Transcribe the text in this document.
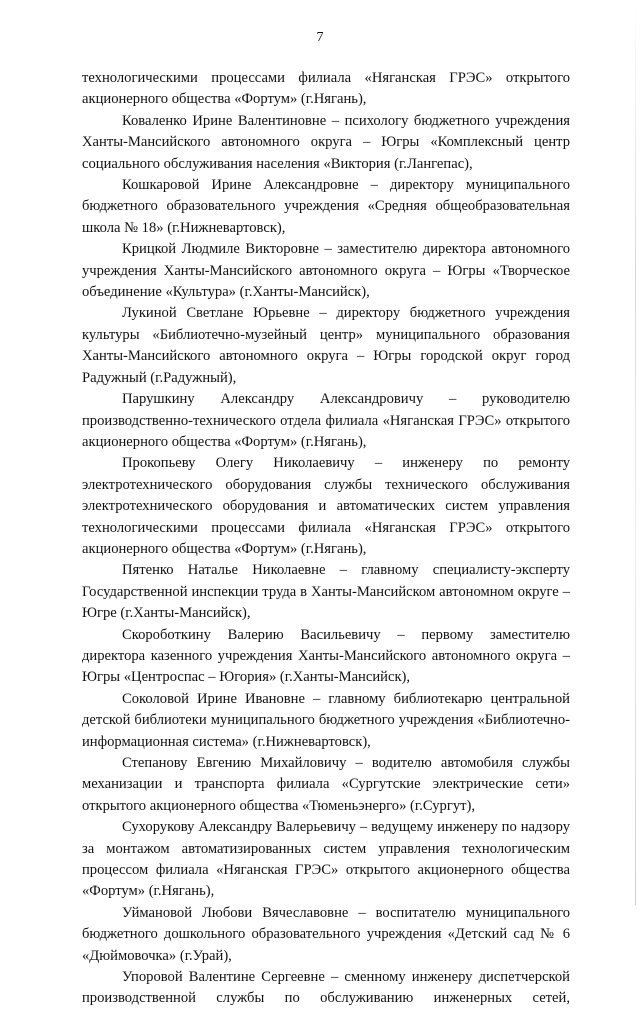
7

технологическими процессами филиала «Няганская ГРЭС» открытого акционерного общества «Фортум» (г.Нягань),

Коваленко Ирине Валентиновне – психологу бюджетного учреждения Ханты-Мансийского автономного округа – Югры «Комплексный центр социального обслуживания населения «Виктория (г.Лангепас),

Кошкаровой Ирине Александровне – директору муниципального бюджетного образовательного учреждения «Средняя общеобразовательная школа № 18» (г.Нижневартовск),

Крицкой Людмиле Викторовне – заместителю директора автономного учреждения Ханты-Мансийского автономного округа – Югры «Творческое объединение «Культура» (г.Ханты-Мансийск),

Лукиной Светлане Юрьевне – директору бюджетного учреждения культуры «Библиотечно-музейный центр» муниципального образования Ханты-Мансийского автономного округа – Югры городской округ город Радужный (г.Радужный),

Парушкину Александру Александровичу – руководителю производственно-технического отдела филиала «Няганская ГРЭС» открытого акционерного общества «Фортум» (г.Нягань),

Прокопьеву Олегу Николаевичу – инженеру по ремонту электротехнического оборудования службы технического обслуживания электротехнического оборудования и автоматических систем управления технологическими процессами филиала «Няганская ГРЭС» открытого акционерного общества «Фортум» (г.Нягань),

Пятенко Наталье Николаевне – главному специалисту-эксперту Государственной инспекции труда в Ханты-Мансийском автономном округе – Югре (г.Ханты-Мансийск),

Скороботкину Валерию Васильевичу – первому заместителю директора казенного учреждения Ханты-Мансийского автономного округа – Югры «Центроспас – Югория» (г.Ханты-Мансийск),

Соколовой Ирине Ивановне – главному библиотекарю центральной детской библиотеки муниципального бюджетного учреждения «Библиотечно-информационная система» (г.Нижневартовск),

Степанову Евгению Михайловичу – водителю автомобиля службы механизации и транспорта филиала «Сургутские электрические сети» открытого акционерного общества «Тюменьэнерго» (г.Сургут),

Сухорукову Александру Валерьевичу – ведущему инженеру по надзору за монтажом автоматизированных систем управления технологическим процессом филиала «Няганская ГРЭС» открытого акционерного общества «Фортум» (г.Нягань),

Уймановой Любови Вячеславовне – воспитателю муниципального бюджетного дошкольного образовательного учреждения «Детский сад № 6 «Дюймовочка» (г.Урай),

Упоровой Валентине Сергеевне – сменному инженеру диспетчерской производственной службы по обслуживанию инженерных сетей,
